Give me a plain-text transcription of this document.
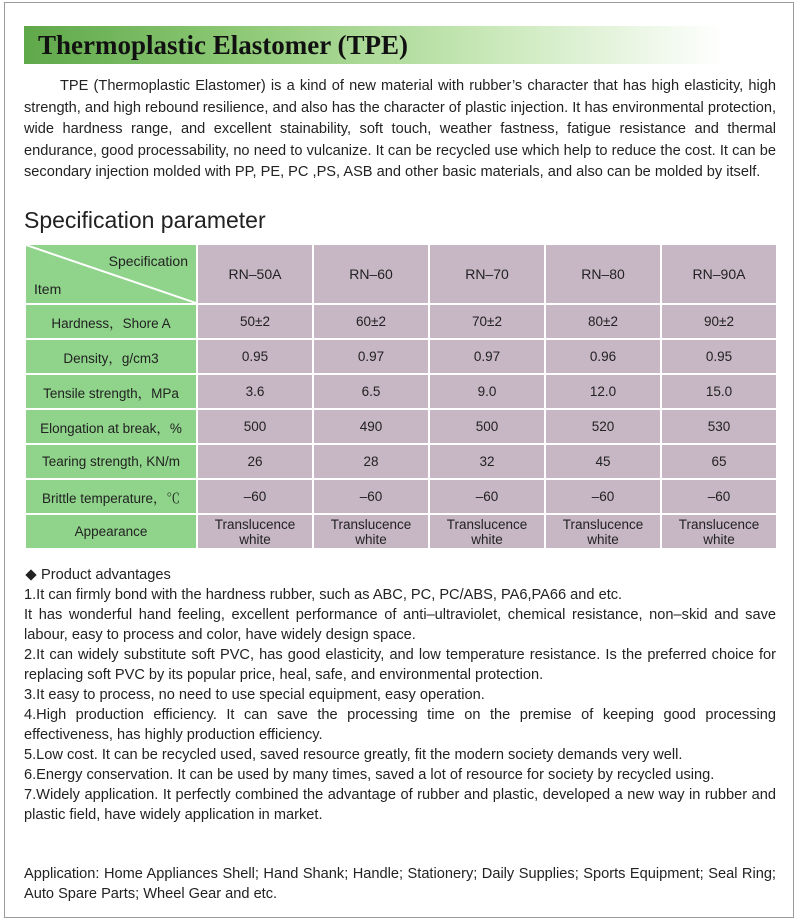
Thermoplastic Elastomer (TPE)

TPE (Thermoplastic Elastomer) is a kind of new material with rubber’s character that has high elasticity, high strength, and high rebound resilience, and also has the character of plastic injection. It has environmental protection, wide hardness range, and excellent stainability, soft touch, weather fastness, fatigue resistance and thermal endurance, good processability, no need to vulcanize. It can be recycled use which help to reduce the cost. It can be secondary injection molded with PP, PE, PC ,PS, ASB and other basic materials, and also can be molded by itself.

Specification parameter
Specification
Item	RN–50A	RN–60	RN–70	RN–80	RN–90A
Hardness，Shore A	50±2	60±2	70±2	80±2	90±2
Density，g/cm3	0.95	0.97	0.97	0.96	0.95
Tensile strength，MPa	3.6	6.5	9.0	12.0	15.0
Elongation at break，%	500	490	500	520	530
Tearing strength, KN/m	26	28	32	45	65
Brittle temperature，℃	–60	–60	–60	–60	–60
Appearance	Translucence white	Translucence white	Translucence white	Translucence white	Translucence white
Product advantages

1.It can firmly bond with the hardness rubber, such as ABC, PC, PC/ABS, PA6,PA66 and etc.

It has wonderful hand feeling, excellent performance of anti–ultraviolet, chemical resistance, non–skid and save labour, easy to process and color, have widely design space.

2.It can widely substitute soft PVC, has good elasticity, and low temperature resistance. Is the preferred choice for replacing soft PVC by its popular price, heal, safe, and environmental protection.

3.It easy to process, no need to use special equipment, easy operation.

4.High production efficiency. It can save the processing time on the premise of keeping good processing effectiveness, has highly production efficiency.

5.Low cost. It can be recycled used, saved resource greatly, fit the modern society demands very well.

6.Energy conservation. It can be used by many times, saved a lot of resource for society by recycled using.

7.Widely application. It perfectly combined the advantage of rubber and plastic, developed a new way in rubber and plastic field, have widely application in market.

Application: Home Appliances Shell; Hand Shank; Handle; Stationery; Daily Supplies; Sports Equipment; Seal Ring; Auto Spare Parts; Wheel Gear and etc.
